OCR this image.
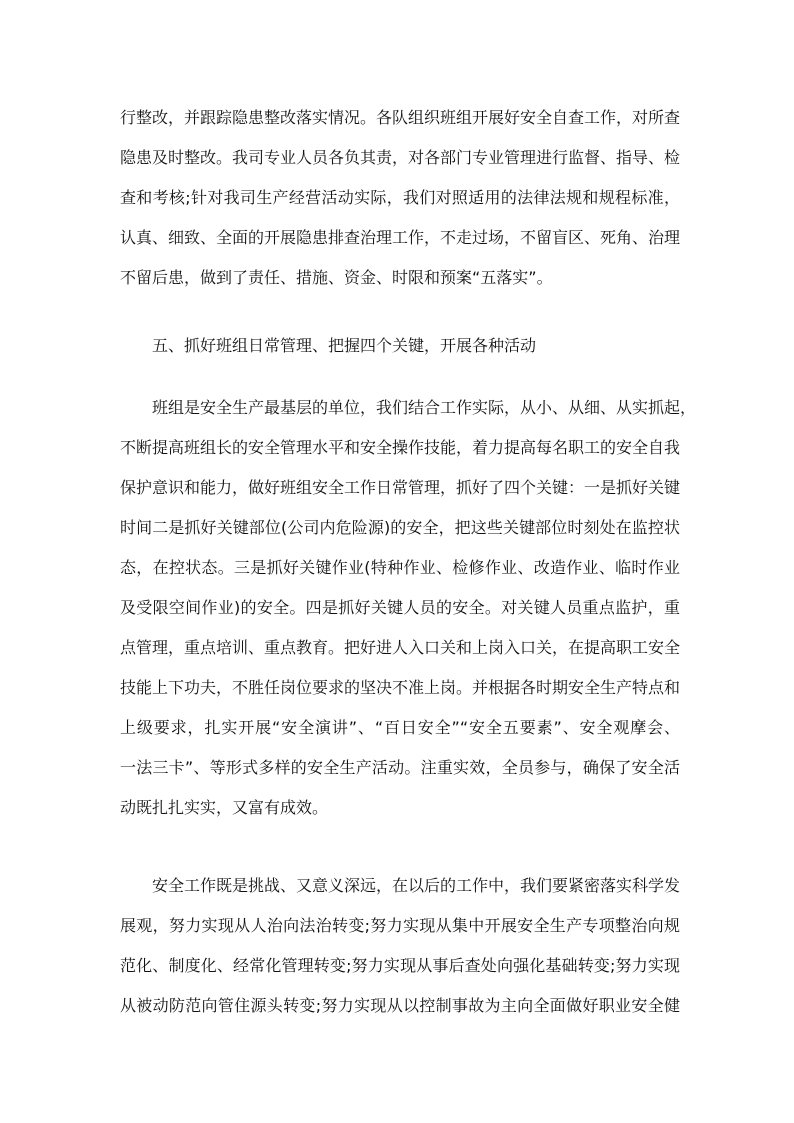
行整改，并跟踪隐患整改落实情况。各队组织班组开展好安全自查工作，对所查
隐患及时整改。我司专业人员各负其责，对各部门专业管理进行监督、指导、检
查和考核;针对我司生产经营活动实际，我们对照适用的法律法规和规程标准，
认真、细致、全面的开展隐患排查治理工作，不走过场，不留盲区、死角、治理
不留后患，做到了责任、措施、资金、时限和预案“五落实”。
五、抓好班组日常管理、把握四个关键，开展各种活动
班组是安全生产最基层的单位，我们结合工作实际，从小、从细、从实抓起，
不断提高班组长的安全管理水平和安全操作技能，着力提高每名职工的安全自我
保护意识和能力，做好班组安全工作日常管理，抓好了四个关键：一是抓好关键
时间二是抓好关键部位(公司内危险源)的安全，把这些关键部位时刻处在监控状
态，在控状态。三是抓好关键作业(特种作业、检修作业、改造作业、临时作业
及受限空间作业)的安全。四是抓好关键人员的安全。对关键人员重点监护，重
点管理，重点培训、重点教育。把好进人入口关和上岗入口关，在提高职工安全
技能上下功夫，不胜任岗位要求的坚决不准上岗。并根据各时期安全生产特点和
上级要求，扎实开展“安全演讲”、“百日安全”“安全五要素”、安全观摩会、
一法三卡”、等形式多样的安全生产活动。注重实效，全员参与，确保了安全活
动既扎扎实实，又富有成效。
安全工作既是挑战、又意义深远，在以后的工作中，我们要紧密落实科学发
展观，努力实现从人治向法治转变;努力实现从集中开展安全生产专项整治向规
范化、制度化、经常化管理转变;努力实现从事后查处向强化基础转变;努力实现
从被动防范向管住源头转变;努力实现从以控制事故为主向全面做好职业安全健
